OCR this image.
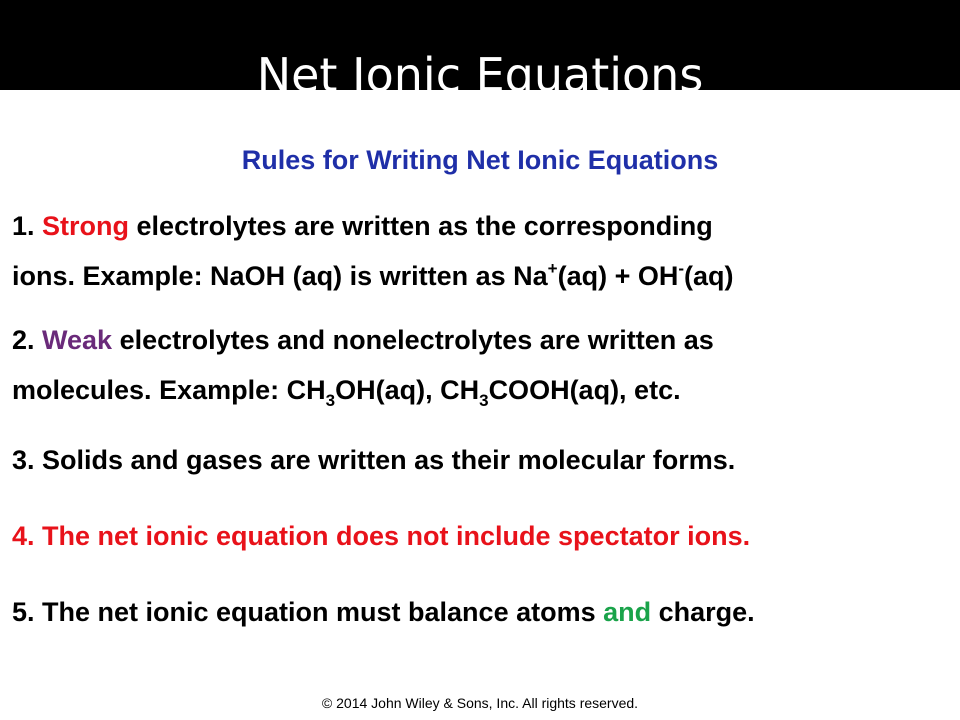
Net Ionic Equations
Rules for Writing Net Ionic Equations
1. Strong electrolytes are written as the corresponding
ions. Example: NaOH (aq) is written as Na+(aq) + OH-(aq)
2. Weak electrolytes and nonelectrolytes are written as
molecules. Example: $CH_3OH(aq)$, $CH_3COOH(aq)$, etc.
3. Solids and gases are written as their molecular forms.
4. The net ionic equation does not include spectator ions.
5. The net ionic equation must balance atoms and charge.
© 2014 John Wiley & Sons, Inc. All rights reserved.
